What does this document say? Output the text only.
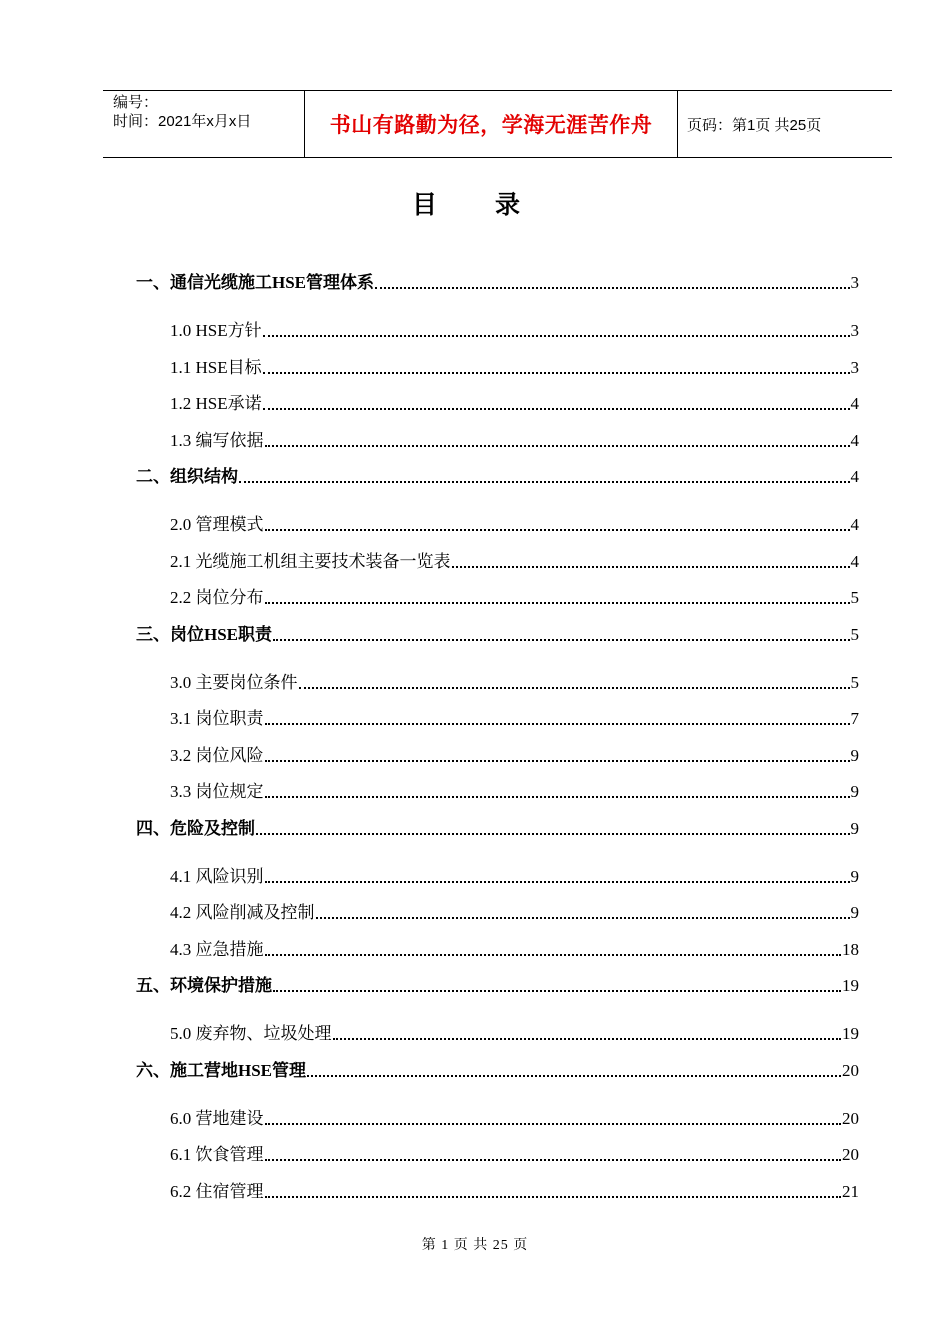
编号：
时间：2021年x月x日	书山有路勤为径，学海无涯苦作舟	页码：第1页 共25页
目录
一、通信光缆施工HSE管理体系	3
1.0 HSE方针	3
1.1 HSE目标	3
1.2 HSE承诺	4
1.3 编写依据	4
二、组织结构	4
2.0 管理模式	4
2.1 光缆施工机组主要技术装备一览表	4
2.2 岗位分布	5
三、岗位HSE职责	5
3.0 主要岗位条件	5
3.1 岗位职责	7
3.2 岗位风险	9
3.3 岗位规定	9
四、危险及控制	9
4.1 风险识别	9
4.2 风险削减及控制	9
4.3 应急措施	18
五、环境保护措施	19
5.0 废弃物、垃圾处理	19
六、施工营地HSE管理	20
6.0 营地建设	20
6.1 饮食管理	20
6.2 住宿管理	21
第 1 页 共 25 页
